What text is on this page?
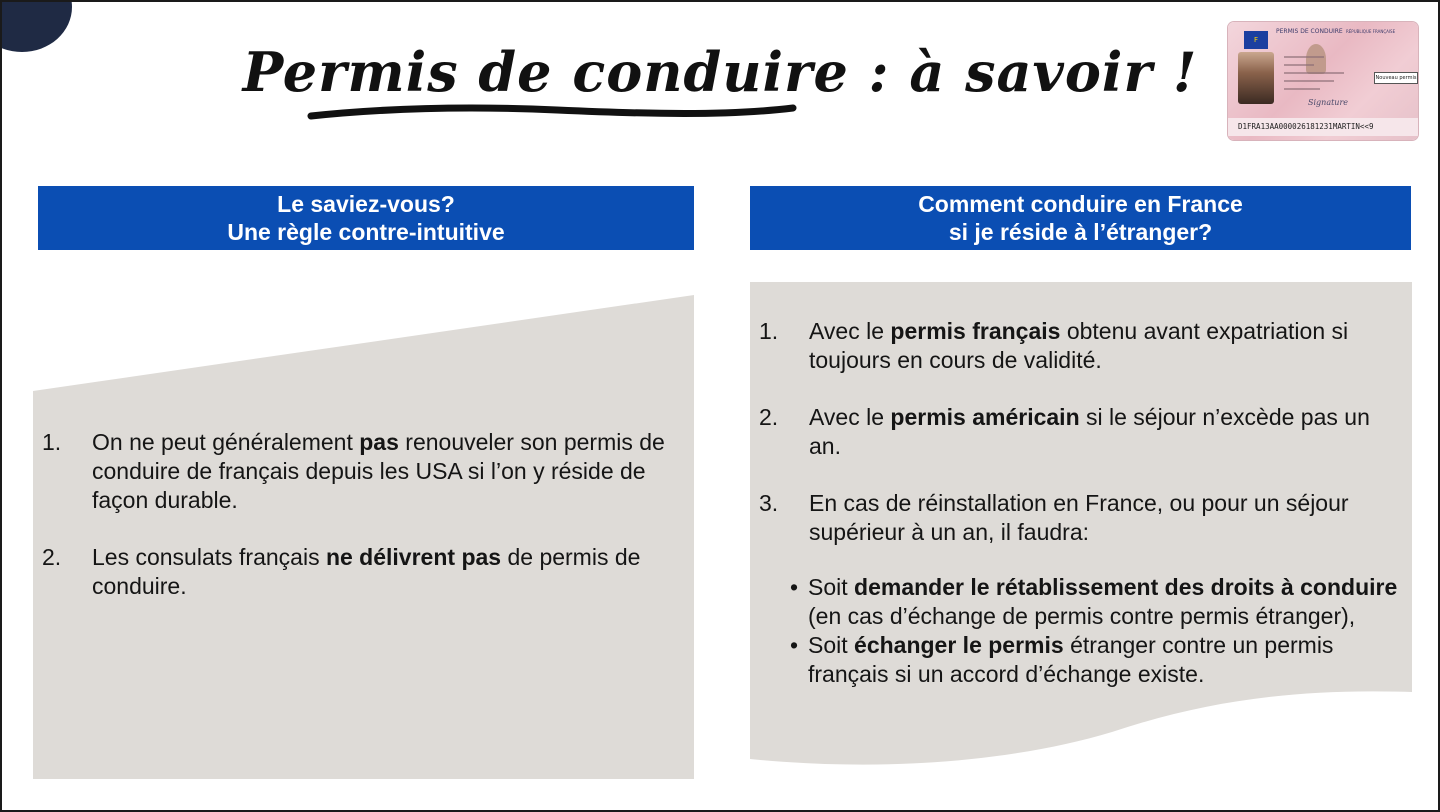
Permis de conduire : à savoir !	F
PERMIS DE CONDUIRE RÉPUBLIQUE FRANÇAISE
Signature
Nouveau permis
D1FRA13AA000026181231MARTIN<<9
Le saviez-vous?
Une règle contre-intuitive
Comment conduire en France
si je réside à l’étranger?
1. On ne peut généralement pas renouveler son permis de conduire de français depuis les USA si l’on y réside de façon durable.
2. Les consulats français ne délivrent pas de permis de conduire.
1. Avec le permis français obtenu avant expatriation si toujours en cours de validité.
2. Avec le permis américain si le séjour n’excède pas un an.
3. En cas de réinstallation en France, ou pour un séjour supérieur à un an, il faudra:
• Soit demander le rétablissement des droits à conduire (en cas d’échange de permis contre permis étranger),
• Soit échanger le permis étranger contre un permis français si un accord d’échange existe.
